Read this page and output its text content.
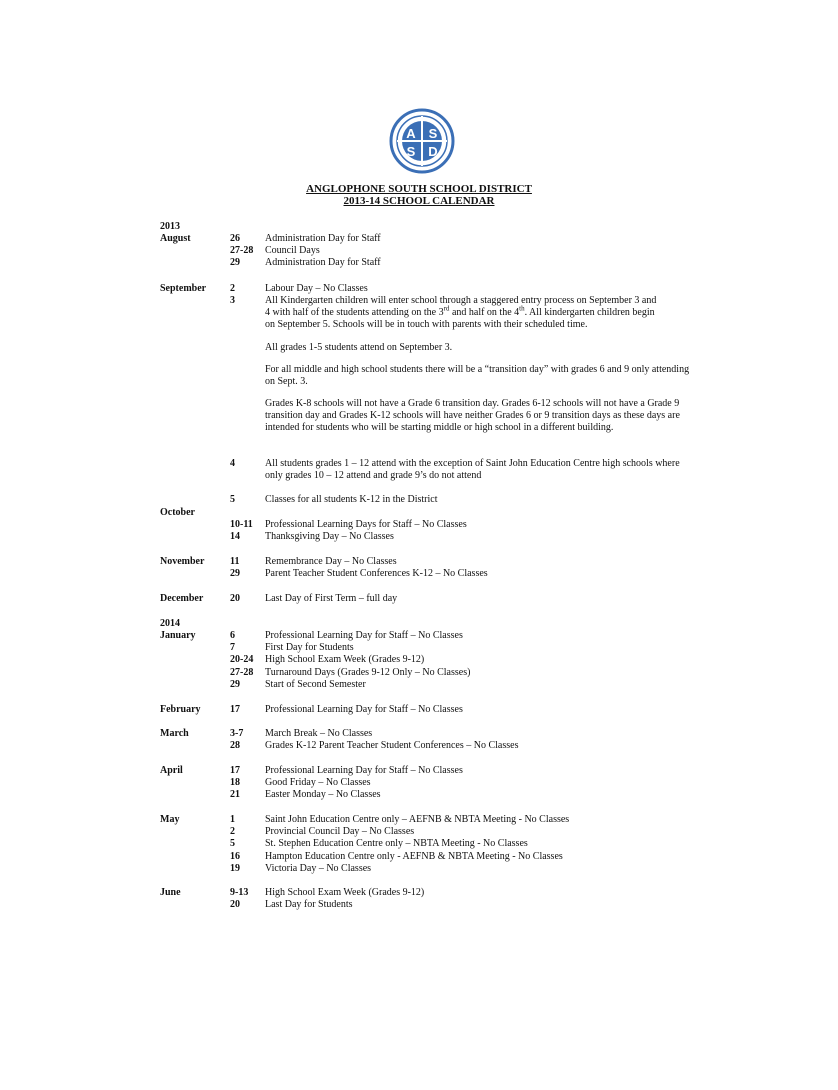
A S
S D
ANGLOPHONE SOUTH SCHOOL DISTRICT
2013-14 SCHOOL CALENDAR
2013
August	26	Administration Day for Staff
27-28 Council Days
29	Administration Day for Staff
September 2	Labour Day – No Classes
3	All Kindergarten children will enter school through a staggered entry process on September 3 and
4 with half of the students attending on the 3rd and half on the 4th. All kindergarten children begin
on September 5. Schools will be in touch with parents with their scheduled time.
All grades 1-5 students attend on September 3.
For all middle and high school students there will be a “transition day” with grades 6 and 9 only attending on Sept. 3.
Grades K-8 schools will not have a Grade 6 transition day. Grades 6-12 schools will not have a Grade 9 transition day and Grades K-12 schools will have neither Grades 6 or 9 transition days as these days are intended for students who will be starting middle or high school in a different building.
4	All students grades 1 – 12 attend with the exception of Saint John Education Centre high schools where only grades 10 – 12 attend and grade 9’s do not attend
5	Classes for all students K-12 in the District
October
10-11 Professional Learning Days for Staff – No Classes
14	Thanksgiving Day – No Classes
November	11	Remembrance Day – No Classes
29	Parent Teacher Student Conferences K-12 – No Classes
December	20	Last Day of First Term – full day
2014
January	6	Professional Learning Day for Staff – No Classes
7	First Day for Students
20-24 High School Exam Week (Grades 9-12)
27-28 Turnaround Days (Grades 9-12 Only – No Classes)
29	Start of Second Semester
February	17	Professional Learning Day for Staff – No Classes
March	3-7 March Break – No Classes
28	Grades K-12 Parent Teacher Student Conferences – No Classes
April	17	Professional Learning Day for Staff – No Classes
18	Good Friday – No Classes
21	Easter Monday – No Classes
May	1	Saint John Education Centre only – AEFNB & NBTA Meeting - No Classes
2	Provincial Council Day – No Classes
5	St. Stephen Education Centre only – NBTA Meeting - No Classes
16	Hampton Education Centre only - AEFNB & NBTA Meeting - No Classes
19	Victoria Day – No Classes
June	9-13 High School Exam Week (Grades 9-12)
20	Last Day for Students
